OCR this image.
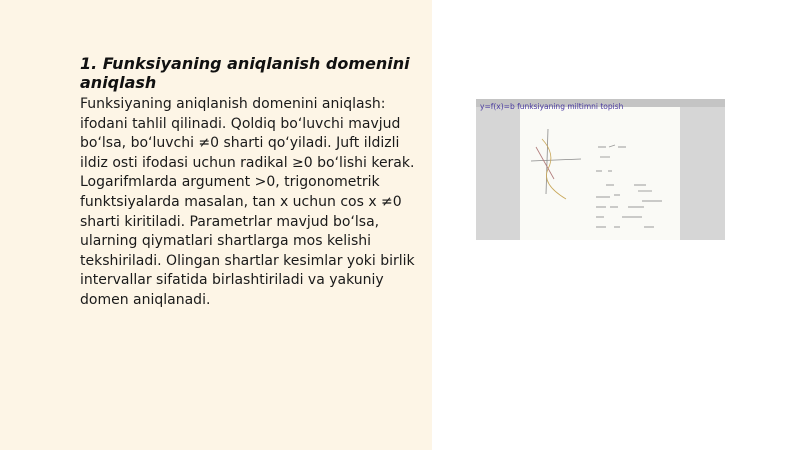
1. Funksiyaning aniqlanish domenini aniqlash

Funksiyaning aniqlanish domenini aniqlash: ifodani tahlil qilinadi. Qoldiq bo‘luvchi mavjud bo‘lsa, bo‘luvchi ≠0 sharti qo‘yiladi. Juft ildizli ildiz osti ifodasi uchun radikal ≥0 bo‘lishi kerak. Logarifmlarda argument >0, trigonometrik funktsiyalarda masalan, tan x uchun cos x ≠0 sharti kiritiladi. Parametrlar mavjud bo‘lsa, ularning qiymatlari shartlarga mos kelishi tekshiriladi. Olingan shartlar kesimlar yoki birlik intervallar sifatida birlashtiriladi va yakuniy domen aniqlanadi.

y=f(x)=b funksiyaning miltimni topish
